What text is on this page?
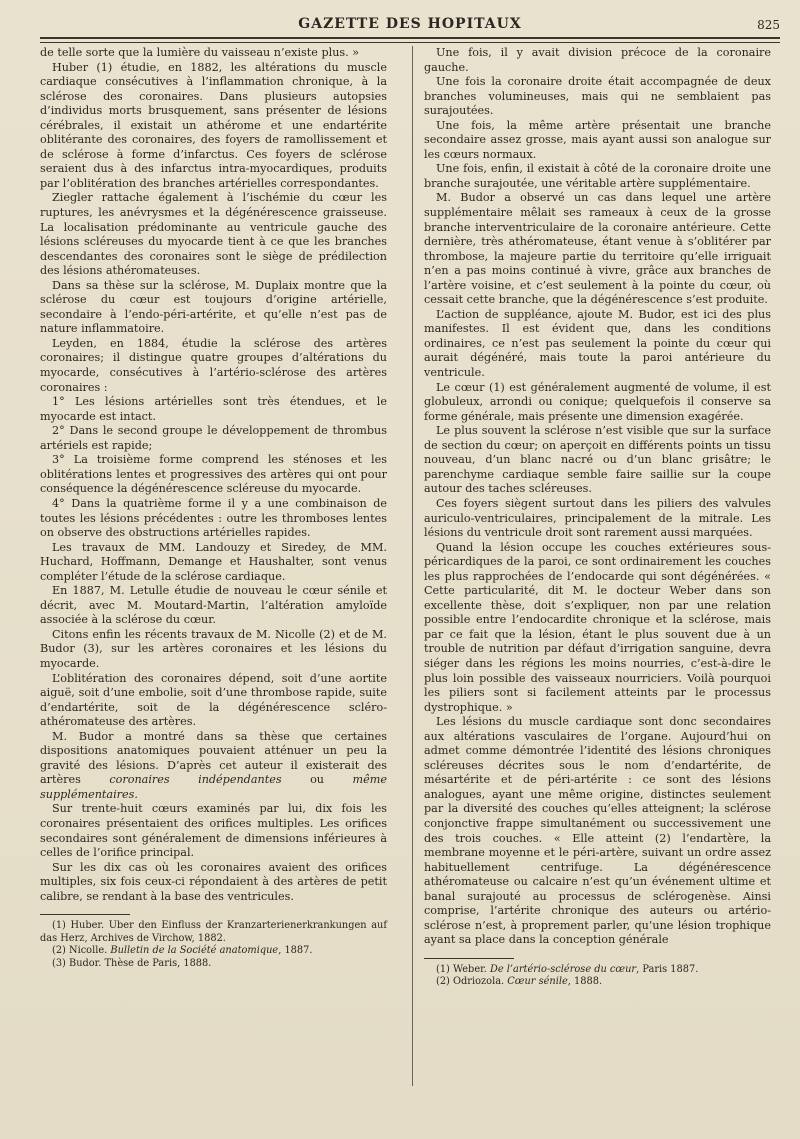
GAZETTE DES HOPITAUX	825

de telle sorte que la lumière du vaisseau n’existe plus. »

Huber (1) étudie, en 1882, les altérations du muscle cardiaque consécutives à l’inflammation chronique, à la sclérose des coronaires. Dans plusieurs autopsies d’individus morts brusquement, sans présenter de lésions cérébrales, il existait un athérome et une endartérite oblitérante des coronaires, des foyers de ramollissement et de sclérose à forme d’infarctus. Ces foyers de sclérose seraient dus à des infarctus intra-myocardiques, produits par l’oblitération des branches artérielles correspondantes.

Ziegler rattache également à l’ischémie du cœur les ruptures, les anévrysmes et la dégénérescence graisseuse. La localisation prédominante au ventricule gauche des lésions scléreuses du myocarde tient à ce que les branches descendantes des coronaires sont le siège de prédilection des lésions athéromateuses.

Dans sa thèse sur la sclérose, M. Duplaix montre que la sclérose du cœur est toujours d’origine artérielle, secondaire à l’endo-péri-artérite, et qu’elle n’est pas de nature inflammatoire.

Leyden, en 1884, étudie la sclérose des artères coronaires; il distingue quatre groupes d’altérations du myocarde, consécutives à l’artério-sclérose des artères coronaires :

1° Les lésions artérielles sont très étendues, et le myocarde est intact.

2° Dans le second groupe le développement de thrombus artériels est rapide;

3° La troisième forme comprend les sténoses et les oblitérations lentes et progressives des artères qui ont pour conséquence la dégénérescence scléreuse du myocarde.

4° Dans la quatrième forme il y a une combinaison de toutes les lésions précédentes : outre les thromboses lentes on observe des obstructions artérielles rapides.

Les travaux de MM. Landouzy et Siredey, de MM. Huchard, Hoffmann, Demange et Haushalter, sont venus compléter l’étude de la sclérose cardiaque.

En 1887, M. Letulle étudie de nouveau le cœur sénile et décrit, avec M. Moutard-Martin, l’altération amyloïde associée à la sclérose du cœur.

Citons enfin les récents travaux de M. Nicolle (2) et de M. Budor (3), sur les artères coronaires et les lésions du myocarde.

L’oblitération des coronaires dépend, soit d’une aortite aiguë, soit d’une embolie, soit d’une thrombose rapide, suite d’endartérite, soit de la dégénérescence scléro-athéromateuse des artères.

M. Budor a montré dans sa thèse que certaines dispositions anatomiques pouvaient atténuer un peu la gravité des lésions. D’après cet auteur il existerait des artères coronaires indépendantes ou même supplémentaires.

Sur trente-huit cœurs examinés par lui, dix fois les coronaires présentaient des orifices multiples. Les orifices secondaires sont généralement de dimensions inférieures à celles de l’orifice principal.

Sur les dix cas où les coronaires avaient des orifices multiples, six fois ceux-ci répondaient à des artères de petit calibre, se rendant à la base des ventricules.

(1) Huber. Uber den Einfluss der Kranzarterienerkrankungen auf das Herz, Archives de Virchow, 1882.

(2) Nicolle. Bulletin de la Société anatomique, 1887.

(3) Budor. Thèse de Paris, 1888.

Une fois, il y avait division précoce de la coronaire gauche.

Une fois la coronaire droite était accompagnée de deux branches volumineuses, mais qui ne semblaient pas surajoutées.

Une fois, la même artère présentait une branche secondaire assez grosse, mais ayant aussi son analogue sur les cœurs normaux.

Une fois, enfin, il existait à côté de la coronaire droite une branche surajoutée, une véritable artère supplémentaire.

M. Budor a observé un cas dans lequel une artère supplémentaire mêlait ses rameaux à ceux de la grosse branche interventriculaire de la coronaire antérieure. Cette dernière, très athéromateuse, étant venue à s’oblitérer par thrombose, la majeure partie du territoire qu’elle irriguait n’en a pas moins continué à vivre, grâce aux branches de l’artère voisine, et c’est seulement à la pointe du cœur, où cessait cette branche, que la dégénérescence s’est produite.

L’action de suppléance, ajoute M. Budor, est ici des plus manifestes. Il est évident que, dans les conditions ordinaires, ce n’est pas seulement la pointe du cœur qui aurait dégénéré, mais toute la paroi antérieure du ventricule.

Le cœur (1) est généralement augmenté de volume, il est globuleux, arrondi ou conique; quelquefois il conserve sa forme générale, mais présente une dimension exagérée.

Le plus souvent la sclérose n’est visible que sur la surface de section du cœur; on aperçoit en différents points un tissu nouveau, d’un blanc nacré ou d’un blanc grisâtre; le parenchyme cardiaque semble faire saillie sur la coupe autour des taches scléreuses.

Ces foyers siègent surtout dans les piliers des valvules auriculo-ventriculaires, principalement de la mitrale. Les lésions du ventricule droit sont rarement aussi marquées.

Quand la lésion occupe les couches extérieures sous-péricardiques de la paroi, ce sont ordinairement les couches les plus rapprochées de l’endocarde qui sont dégénérées. « Cette particularité, dit M. le docteur Weber dans son excellente thèse, doit s’expliquer, non par une relation possible entre l’endocardite chronique et la sclérose, mais par ce fait que la lésion, étant le plus souvent due à un trouble de nutrition par défaut d’irrigation sanguine, devra siéger dans les régions les moins nourries, c’est-à-dire le plus loin possible des vaisseaux nourriciers. Voilà pourquoi les piliers sont si facilement atteints par le processus dystrophique. »

Les lésions du muscle cardiaque sont donc secondaires aux altérations vasculaires de l’organe. Aujourd’hui on admet comme démontrée l’identité des lésions chroniques scléreuses décrites sous le nom d’endartérite, de mésartérite et de péri-artérite : ce sont des lésions analogues, ayant une même origine, distinctes seulement par la diversité des couches qu’elles atteignent; la sclérose conjonctive frappe simultanément ou successivement une des trois couches. « Elle atteint (2) l’endartère, la membrane moyenne et le péri-artère, suivant un ordre assez habituellement centrifuge. La dégénérescence athéromateuse ou calcaire n’est qu’un événement ultime et banal surajouté au processus de sclérogenèse. Ainsi comprise, l’artérite chronique des auteurs ou artério-sclérose n’est, à proprement parler, qu’une lésion trophique ayant sa place dans la conception générale

(1) Weber. De l’artério-sclérose du cœur, Paris 1887.

(2) Odriozola. Cœur sénile, 1888.
